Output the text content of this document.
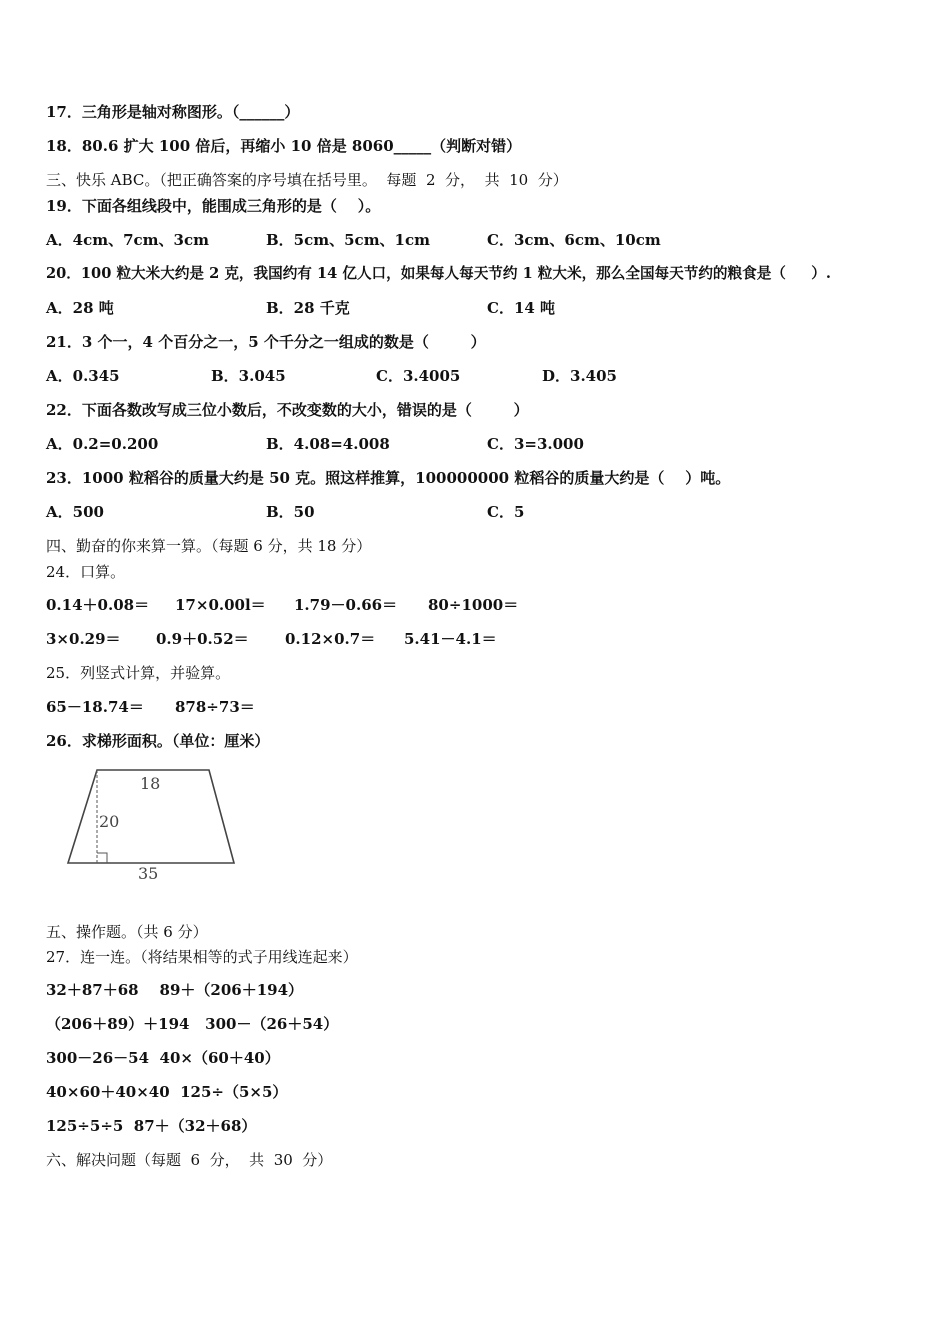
17．三角形是轴对称图形。（______）
18．80.6 扩大 100 倍后，再缩小 10 倍是 8060_____（判断对错）
三、快乐 ABC。（把正确答案的序号填在括号里。  每题  2  分，  共  10  分）
19．下面各组线段中，能围成三角形的是（    ）。
A．4cm、7cm、3cm	B．5cm、5cm、1cm	C．3cm、6cm、10cm
20．100 粒大米大约是 2 克，我国约有 14 亿人口，如果每人每天节约 1 粒大米，那么全国每天节约的粮食是（     ）.
A．28 吨	B．28 千克	C．14 吨
21．3 个一，4 个百分之一，5 个千分之一组成的数是（        ）
A．0.345	B．3.045	C．3.4005	D．3.405
22．下面各数改写成三位小数后，不改变数的大小，错误的是（        ）
A．0.2=0.200	B．4.08=4.008	C．3=3.000
23．1000 粒稻谷的质量大约是 50 克。照这样推算，100000000 粒稻谷的质量大约是（    ）吨。
A．500	B．50	C．5
四、勤奋的你来算一算。（每题 6 分，共 18 分）
24．口算。
0.14＋0.08＝ 17×0.00l＝ 1.79－0.66＝ 80÷1000＝
3×0.29＝ 0.9＋0.52＝ 0.12×0.7＝ 5.41－4.1＝
25．列竖式计算，并验算。
65－18.74＝ 878÷73＝
26．求梯形面积。（单位：厘米）
18
20
35
五、操作题。（共 6 分）
27．连一连。（将结果相等的式子用线连起来）
32＋87＋68    89＋（206＋194）
（206＋89）＋194   300－（26＋54）
300－26－54  40×（60＋40）
40×60＋40×40  125÷（5×5）
125÷5÷5  87＋（32＋68）
六、解决问题（每题  6  分，  共  30  分）
